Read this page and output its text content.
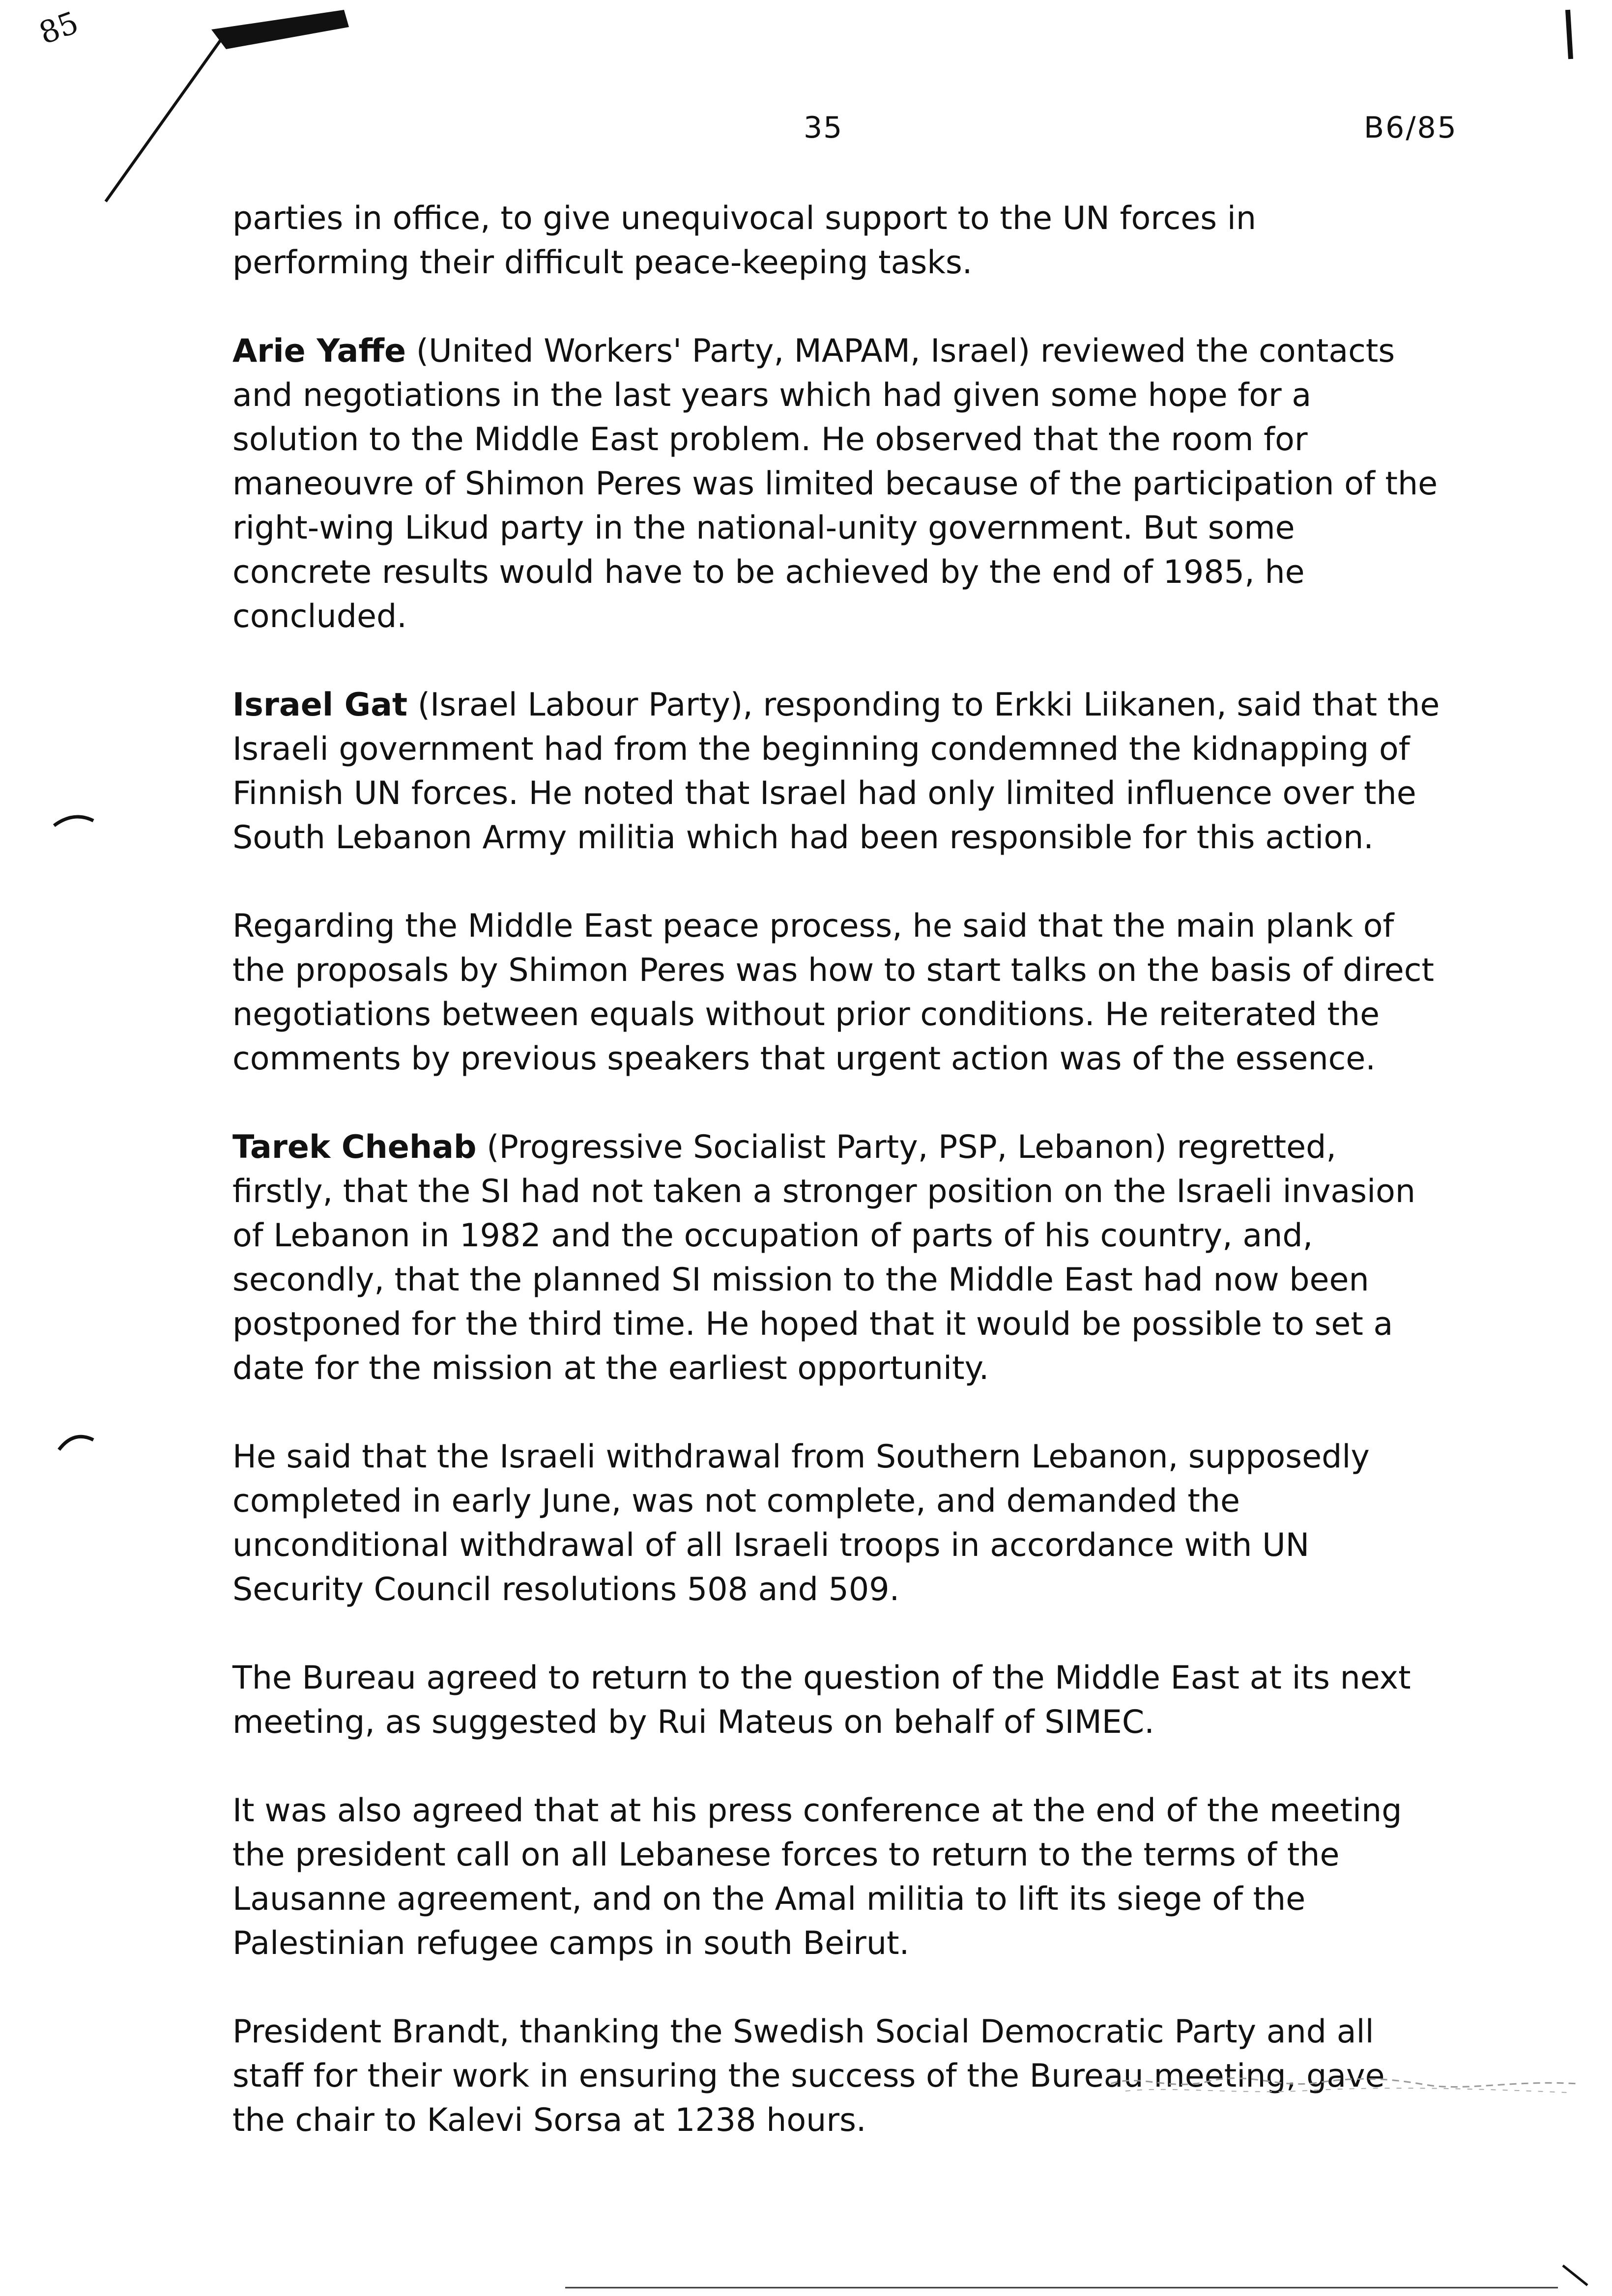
85
35	B6/85

parties in office, to give unequivocal support to the UN forces in performing their difficult peace-keeping tasks.

Arie Yaffe (United Workers' Party, MAPAM, Israel) reviewed the contacts and negotiations in the last years which had given some hope for a solution to the Middle East problem. He observed that the room for maneouvre of Shimon Peres was limited because of the participation of the right-wing Likud party in the national-unity government. But some concrete results would have to be achieved by the end of 1985, he concluded.

Israel Gat (Israel Labour Party), responding to Erkki Liikanen, said that the Israeli government had from the beginning condemned the kidnapping of Finnish UN forces. He noted that Israel had only limited influence over the South Lebanon Army militia which had been responsible for this action.

Regarding the Middle East peace process, he said that the main plank of the proposals by Shimon Peres was how to start talks on the basis of direct negotiations between equals without prior conditions. He reiterated the comments by previous speakers that urgent action was of the essence.

Tarek Chehab (Progressive Socialist Party, PSP, Lebanon) regretted, firstly, that the SI had not taken a stronger position on the Israeli invasion of Lebanon in 1982 and the occupation of parts of his country, and, secondly, that the planned SI mission to the Middle East had now been postponed for the third time. He hoped that it would be possible to set a date for the mission at the earliest opportunity.

He said that the Israeli withdrawal from Southern Lebanon, supposedly completed in early June, was not complete, and demanded the unconditional withdrawal of all Israeli troops in accordance with UN Security Council resolutions 508 and 509.

The Bureau agreed to return to the question of the Middle East at its next meeting, as suggested by Rui Mateus on behalf of SIMEC.

It was also agreed that at his press conference at the end of the meeting the president call on all Lebanese forces to return to the terms of the Lausanne agreement, and on the Amal militia to lift its siege of the Palestinian refugee camps in south Beirut.

President Brandt, thanking the Swedish Social Democratic Party and all staff for their work in ensuring the success of the Bureau meeting, gave the chair to Kalevi Sorsa at 1238 hours.
